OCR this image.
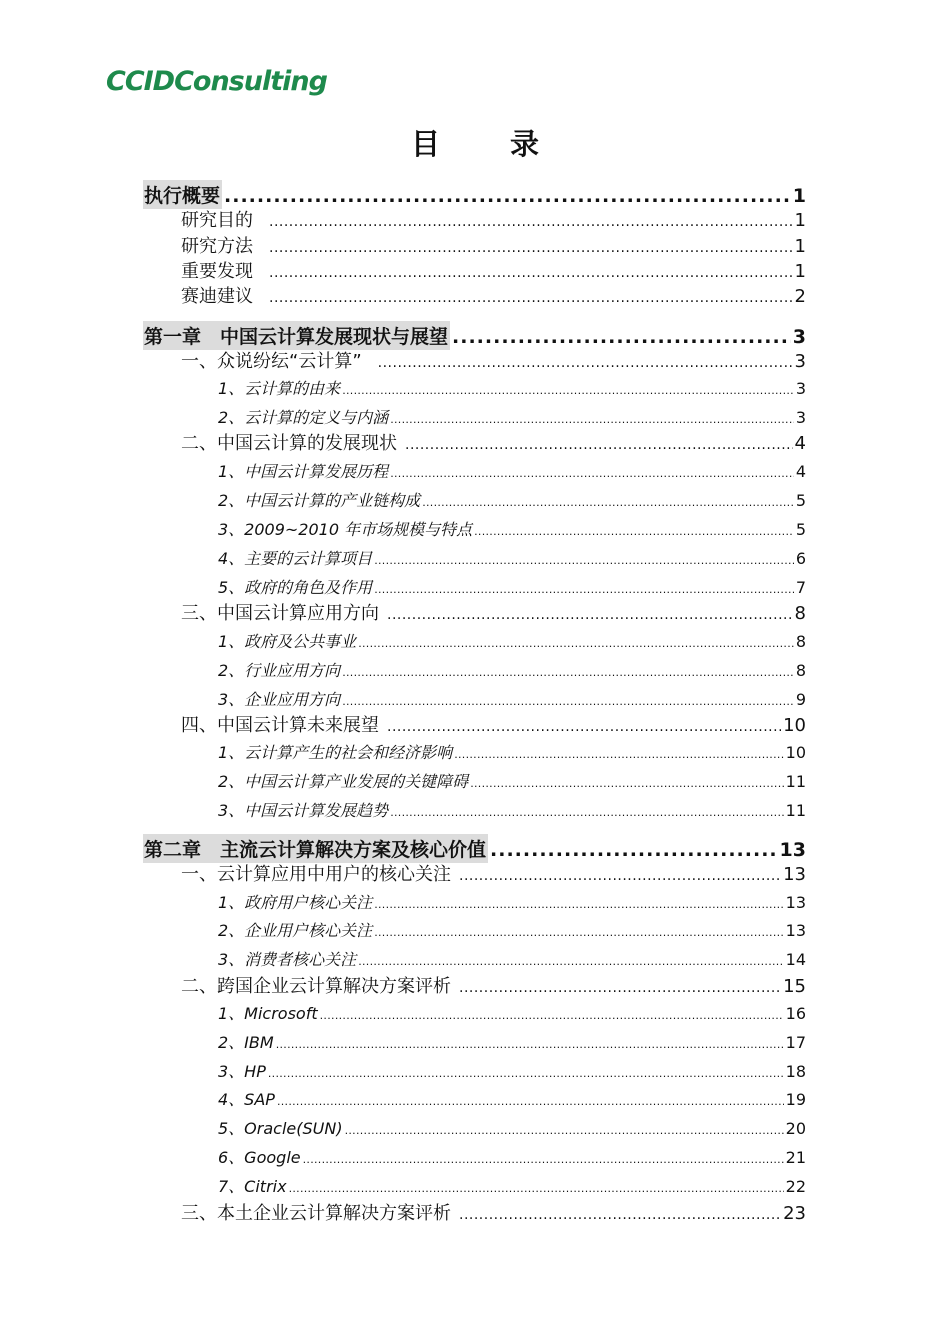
CCIDConsulting
目 录
执行概要 .....	1
研究目的 .....	1
研究方法 .....	1
重要发现 .....	1
赛迪建议 .....	2
第一章　中国云计算发展现状与展望 .....	3
一、众说纷纭“云计算” .....	3
1、云计算的由来 .....	3
2、云计算的定义与内涵 .....	3
二、中国云计算的发展现状 .....	4
1、中国云计算发展历程 .....	4
2、中国云计算的产业链构成 .....	5
3、2009~2010 年市场规模与特点 .....	5
4、主要的云计算项目 .....	6
5、政府的角色及作用 .....	7
三、中国云计算应用方向 .....	8
1、政府及公共事业 .....	8
2、行业应用方向 .....	8
3、企业应用方向 .....	9
四、中国云计算未来展望 .....	10
1、云计算产生的社会和经济影响 .....	10
2、中国云计算产业发展的关键障碍 .....	11
3、中国云计算发展趋势 .....	11
第二章　主流云计算解决方案及核心价值 .....	13
一、云计算应用中用户的核心关注 .....	13
1、政府用户核心关注 .....	13
2、企业用户核心关注 .....	13
3、消费者核心关注 .....	14
二、跨国企业云计算解决方案评析 .....	15
1、Microsoft .....	16
2、IBM .....	17
3、HP .....	18
4、SAP .....	19
5、Oracle(SUN) .....	20
6、Google .....	21
7、Citrix .....	22
三、本土企业云计算解决方案评析 .....	23
